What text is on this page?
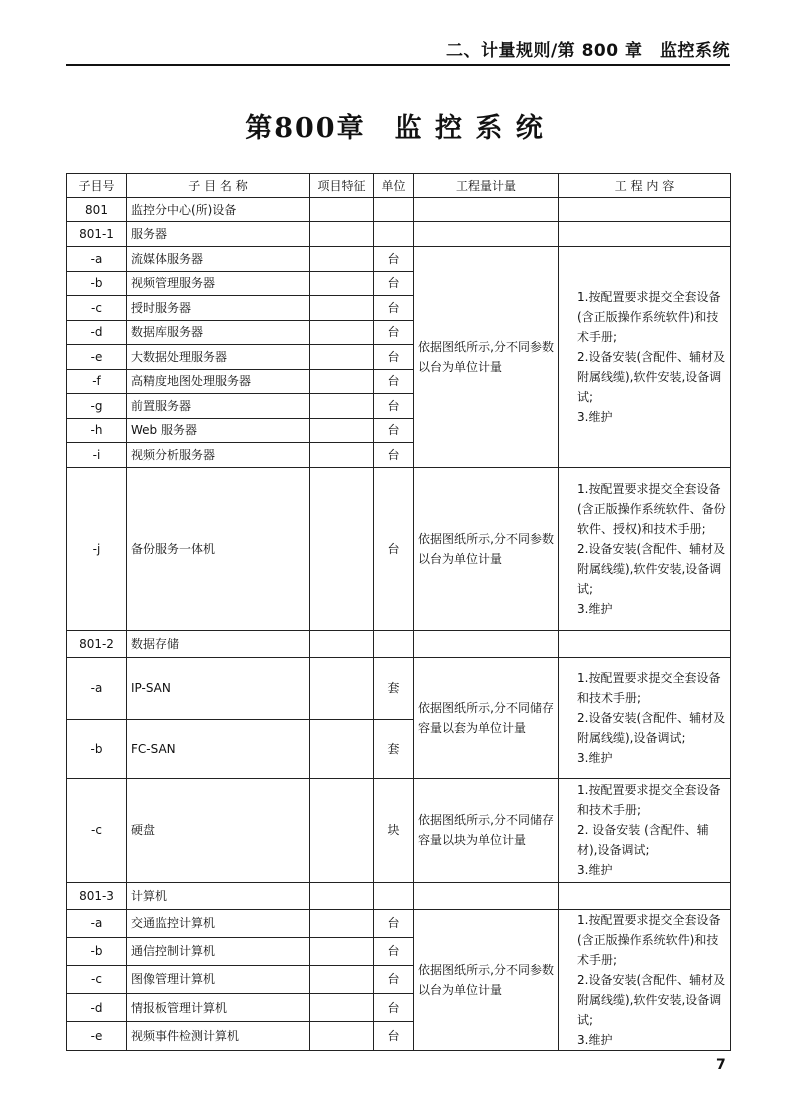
二、计量规则/第 800 章　监控系统
第800章　监 控 系 统
子目号	子 目 名 称	项目特征	单位	工程量计量	工 程 内 容
801	监控分中心(所)设备				
801-1	服务器				
-a	流媒体服务器		台	依据图纸所示,分不同参数以台为单位计量	1.按配置要求提交全套设备(含正版操作系统软件)和技术手册;
2.设备安装(含配件、辅材及附属线缆),软件安装,设备调试;
3.维护

-b	视频管理服务器		台		
-c	授时服务器		台		
-d	数据库服务器		台		
-e	大数据处理服务器		台		
-f	高精度地图处理服务器		台		
-g	前置服务器		台		
-h	Web 服务器		台		
-i	视频分析服务器		台		
-j	备份服务一体机		台	依据图纸所示,分不同参数以台为单位计量	1.按配置要求提交全套设备(含正版操作系统软件、备份软件、授权)和技术手册;
2.设备安装(含配件、辅材及附属线缆),软件安装,设备调试;
3.维护

801-2	数据存储				
-a	IP-SAN		套	依据图纸所示,分不同储存容量以套为单位计量	1.按配置要求提交全套设备和技术手册;
2.设备安装(含配件、辅材及附属线缆),设备调试;
3.维护

-b	FC-SAN		套		
-c	硬盘		块	依据图纸所示,分不同储存容量以块为单位计量	1.按配置要求提交全套设备和技术手册;
2. 设备安装 (含配件、辅材),设备调试;
3.维护

801-3	计算机				
-a	交通监控计算机		台	依据图纸所示,分不同参数以台为单位计量	1.按配置要求提交全套设备(含正版操作系统软件)和技术手册;
2.设备安装(含配件、辅材及附属线缆),软件安装,设备调试;
3.维护

-b	通信控制计算机		台		
-c	图像管理计算机		台		
-d	情报板管理计算机		台		
-e	视频事件检测计算机		台		
7
